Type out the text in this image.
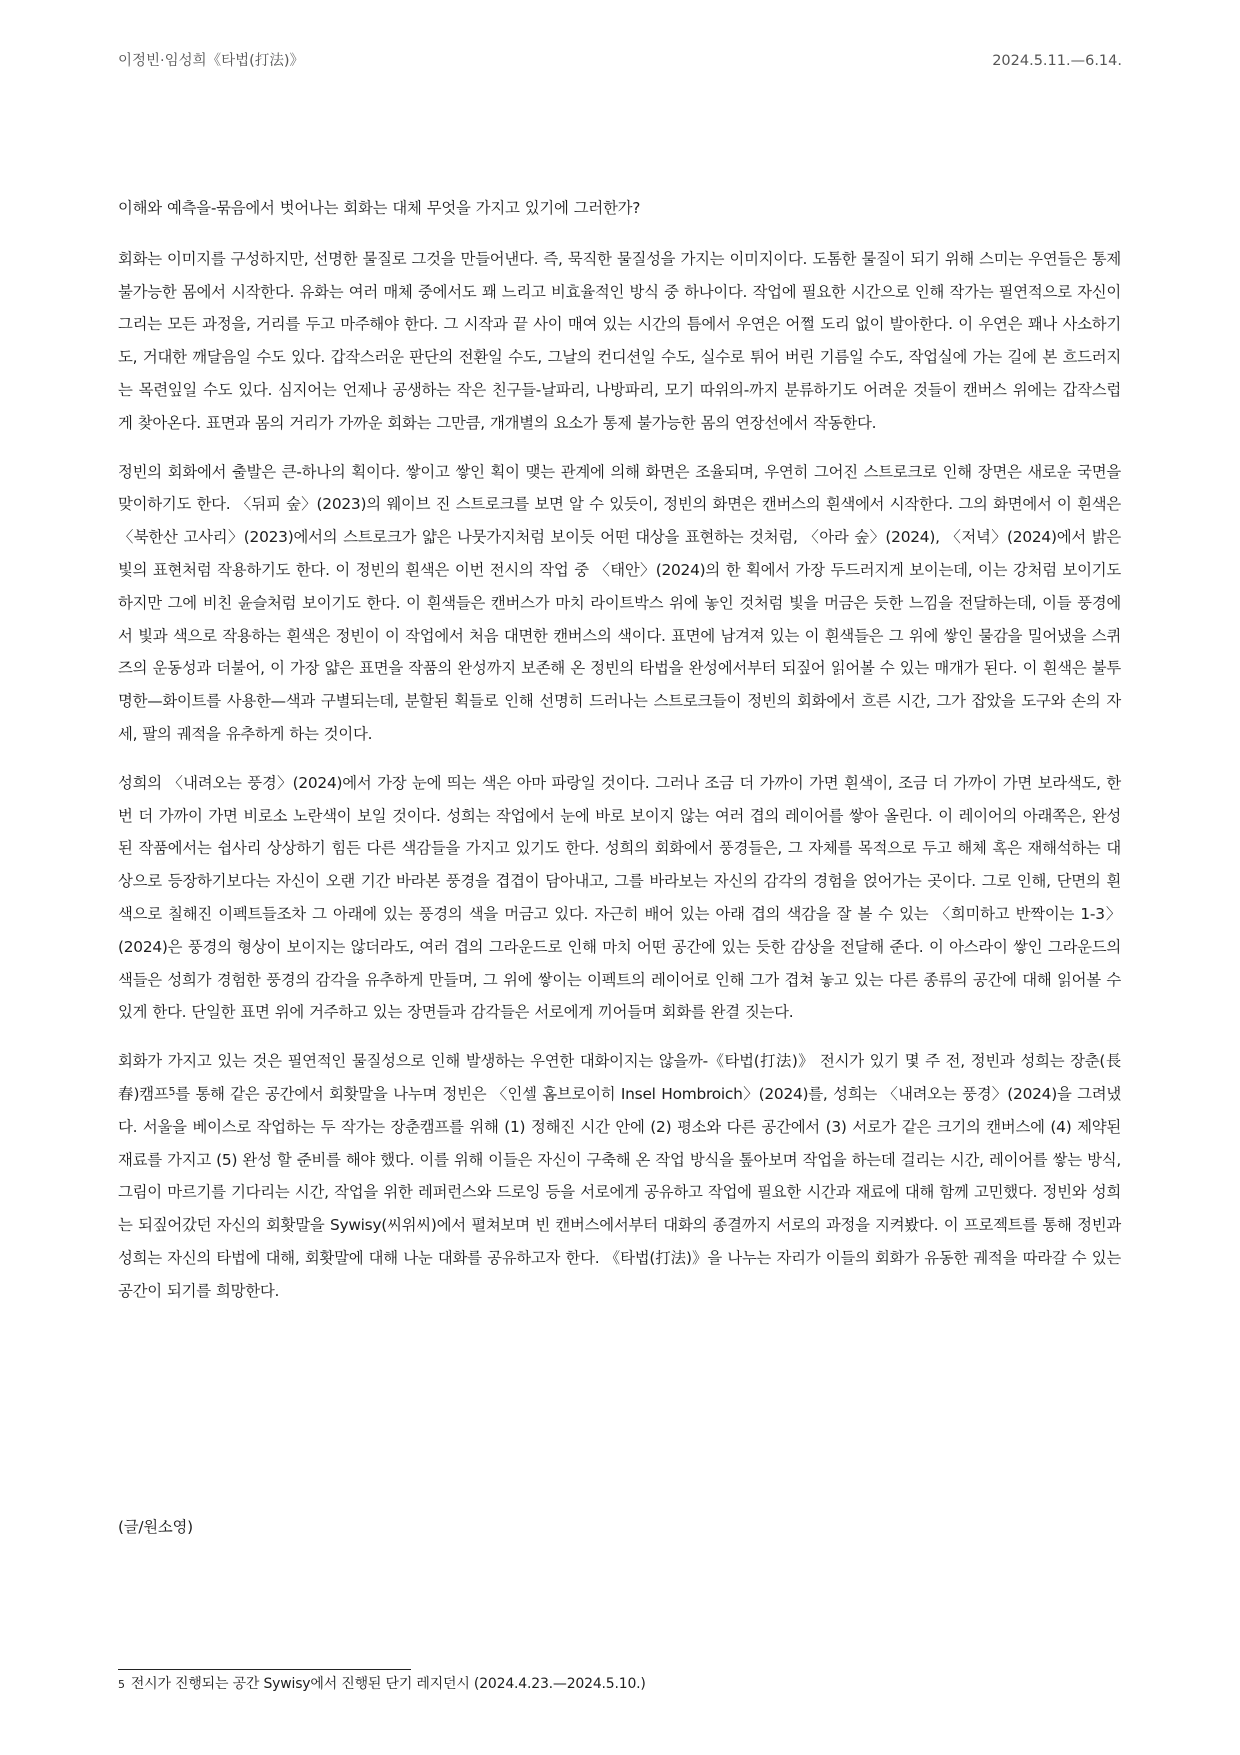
이정빈·임성희《타법(打法)》	2024.5.11.—6.14.

이해와 예측을-묶음에서 벗어나는 회화는 대체 무엇을 가지고 있기에 그러한가?

회화는 이미지를 구성하지만, 선명한 물질로 그것을 만들어낸다. 즉, 묵직한 물질성을 가지는 이미지이다. 도톰한 물질이 되기 위해 스미는 우연들은 통제 불가능한 몸에서 시작한다. 유화는 여러 매체 중에서도 꽤 느리고 비효율적인 방식 중 하나이다. 작업에 필요한 시간으로 인해 작가는 필연적으로 자신이 그리는 모든 과정을, 거리를 두고 마주해야 한다. 그 시작과 끝 사이 매여 있는 시간의 틈에서 우연은 어쩔 도리 없이 발아한다. 이 우연은 꽤나 사소하기도, 거대한 깨달음일 수도 있다. 갑작스러운 판단의 전환일 수도, 그날의 컨디션일 수도, 실수로 튀어 버린 기름일 수도, 작업실에 가는 길에 본 흐드러지는 목련잎일 수도 있다. 심지어는 언제나 공생하는 작은 친구들-날파리, 나방파리, 모기 따위의-까지 분류하기도 어려운 것들이 캔버스 위에는 갑작스럽게 찾아온다. 표면과 몸의 거리가 가까운 회화는 그만큼, 개개별의 요소가 통제 불가능한 몸의 연장선에서 작동한다.

정빈의 회화에서 출발은 큰-하나의 획이다. 쌓이고 쌓인 획이 맺는 관계에 의해 화면은 조율되며, 우연히 그어진 스트로크로 인해 장면은 새로운 국면을 맞이하기도 한다. 〈뒤피 숲〉(2023)의 웨이브 진 스트로크를 보면 알 수 있듯이, 정빈의 화면은 캔버스의 흰색에서 시작한다. 그의 화면에서 이 흰색은 〈북한산 고사리〉(2023)에서의 스트로크가 얇은 나뭇가지처럼 보이듯 어떤 대상을 표현하는 것처럼, 〈아라 숲〉(2024), 〈저녁〉(2024)에서 밝은 빛의 표현처럼 작용하기도 한다. 이 정빈의 흰색은 이번 전시의 작업 중 〈태안〉(2024)의 한 획에서 가장 두드러지게 보이는데, 이는 강처럼 보이기도 하지만 그에 비친 윤슬처럼 보이기도 한다. 이 흰색들은 캔버스가 마치 라이트박스 위에 놓인 것처럼 빛을 머금은 듯한 느낌을 전달하는데, 이들 풍경에서 빛과 색으로 작용하는 흰색은 정빈이 이 작업에서 처음 대면한 캔버스의 색이다. 표면에 남겨져 있는 이 흰색들은 그 위에 쌓인 물감을 밀어냈을 스퀴즈의 운동성과 더불어, 이 가장 얇은 표면을 작품의 완성까지 보존해 온 정빈의 타법을 완성에서부터 되짚어 읽어볼 수 있는 매개가 된다. 이 흰색은 불투명한—화이트를 사용한—색과 구별되는데, 분할된 획들로 인해 선명히 드러나는 스트로크들이 정빈의 회화에서 흐른 시간, 그가 잡았을 도구와 손의 자세, 팔의 궤적을 유추하게 하는 것이다.

성희의 〈내려오는 풍경〉(2024)에서 가장 눈에 띄는 색은 아마 파랑일 것이다. 그러나 조금 더 가까이 가면 흰색이, 조금 더 가까이 가면 보라색도, 한 번 더 가까이 가면 비로소 노란색이 보일 것이다. 성희는 작업에서 눈에 바로 보이지 않는 여러 겹의 레이어를 쌓아 올린다. 이 레이어의 아래쪽은, 완성된 작품에서는 쉽사리 상상하기 힘든 다른 색감들을 가지고 있기도 한다. 성희의 회화에서 풍경들은, 그 자체를 목적으로 두고 해체 혹은 재해석하는 대상으로 등장하기보다는 자신이 오랜 기간 바라본 풍경을 겹겹이 담아내고, 그를 바라보는 자신의 감각의 경험을 얹어가는 곳이다. 그로 인해, 단면의 흰색으로 칠해진 이펙트들조차 그 아래에 있는 풍경의 색을 머금고 있다. 자근히 배어 있는 아래 겹의 색감을 잘 볼 수 있는 〈희미하고 반짝이는 1-3〉(2024)은 풍경의 형상이 보이지는 않더라도, 여러 겹의 그라운드로 인해 마치 어떤 공간에 있는 듯한 감상을 전달해 준다. 이 아스라이 쌓인 그라운드의 색들은 성희가 경험한 풍경의 감각을 유추하게 만들며, 그 위에 쌓이는 이펙트의 레이어로 인해 그가 겹쳐 놓고 있는 다른 종류의 공간에 대해 읽어볼 수 있게 한다. 단일한 표면 위에 거주하고 있는 장면들과 감각들은 서로에게 끼어들며 회화를 완결 짓는다.

회화가 가지고 있는 것은 필연적인 물질성으로 인해 발생하는 우연한 대화이지는 않을까-《타법(打法)》 전시가 있기 몇 주 전, 정빈과 성희는 장춘(長春)캠프$^5$를 통해 같은 공간에서 회홧말을 나누며 정빈은 〈인셀 홈브로이히 Insel Hombroich〉(2024)를, 성희는 〈내려오는 풍경〉(2024)을 그려냈다. 서울을 베이스로 작업하는 두 작가는 장춘캠프를 위해 (1) 정해진 시간 안에 (2) 평소와 다른 공간에서 (3) 서로가 같은 크기의 캔버스에 (4) 제약된 재료를 가지고 (5) 완성 할 준비를 해야 했다. 이를 위해 이들은 자신이 구축해 온 작업 방식을 톺아보며 작업을 하는데 걸리는 시간, 레이어를 쌓는 방식, 그림이 마르기를 기다리는 시간, 작업을 위한 레퍼런스와 드로잉 등을 서로에게 공유하고 작업에 필요한 시간과 재료에 대해 함께 고민했다. 정빈와 성희는 되짚어갔던 자신의 회홧말을 Sywisy(씨위씨)에서 펼쳐보며 빈 캔버스에서부터 대화의 종결까지 서로의 과정을 지켜봤다. 이 프로젝트를 통해 정빈과 성희는 자신의 타법에 대해, 회홧말에 대해 나눈 대화를 공유하고자 한다. 《타법(打法)》을 나누는 자리가 이들의 회화가 유동한 궤적을 따라갈 수 있는 공간이 되기를 희망한다.

(글/원소영)
5 전시가 진행되는 공간 Sywisy에서 진행된 단기 레지던시 (2024.4.23.—2024.5.10.)
